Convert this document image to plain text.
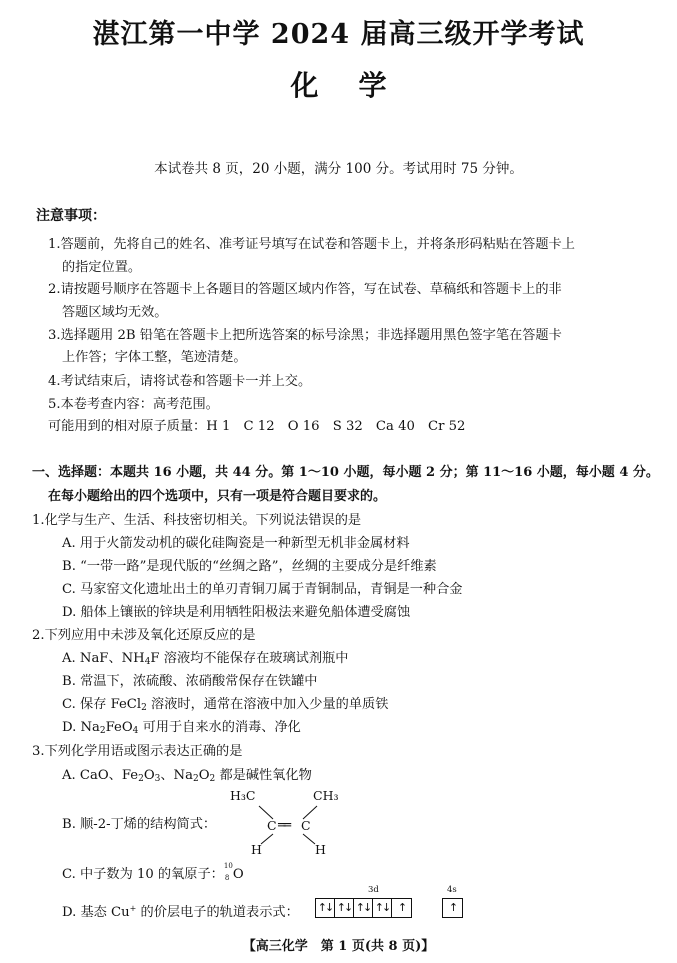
湛江第一中学 2024 届高三级开学考试
化学
本试卷共 8 页，20 小题，满分 100 分。考试用时 75 分钟。
注意事项：
1.答题前，先将自己的姓名、准考证号填写在试卷和答题卡上，并将条形码粘贴在答题卡上
的指定位置。
2.请按题号顺序在答题卡上各题目的答题区域内作答，写在试卷、草稿纸和答题卡上的非
答题区域均无效。
3.选择题用 2B 铅笔在答题卡上把所选答案的标号涂黑；非选择题用黑色签字笔在答题卡
上作答；字体工整，笔迹清楚。
4.考试结束后，请将试卷和答题卡一并上交。
5.本卷考查内容：高考范围。
可能用到的相对原子质量：H 1　C 12　O 16　S 32　Ca 40　Cr 52
一、选择题：本题共 16 小题，共 44 分。第 1～10 小题，每小题 2 分；第 11～16 小题，每小题 4 分。
在每小题给出的四个选项中，只有一项是符合题目要求的。
1.化学与生产、生活、科技密切相关。下列说法错误的是
A. 用于火箭发动机的碳化硅陶瓷是一种新型无机非金属材料
B. “一带一路”是现代版的“丝绸之路”，丝绸的主要成分是纤维素
C. 马家窑文化遗址出土的单刃青铜刀属于青铜制品，青铜是一种合金
D. 船体上镶嵌的锌块是利用牺牲阳极法来避免船体遭受腐蚀
2.下列应用中未涉及氧化还原反应的是
A. NaF、$NH_4F$ 溶液均不能保存在玻璃试剂瓶中
B. 常温下，浓硫酸、浓硝酸常保存在铁罐中
C. 保存 FeCl$_2$ 溶液时，通常在溶液中加入少量的单质铁
D. $Na_2FeO_4$ 可用于自来水的消毒、净化
3.下列化学用语或图示表达正确的是
A. CaO、$Fe_2O_3$、$Na_2O_2$ 都是碱性氧化物
B. 顺-2-丁烯的结构简式：
H₃C	CH₃
C ══ C
H	H
C. 中子数为 10 的氧原子：
10
8 O
D. 基态 Cu+ 的价层电子的轨道表示式：
3d	4s
↑↓ ↑↓ ↑↓ ↑↓ ↑	↑
【高三化学　第 1 页(共 8 页)】
